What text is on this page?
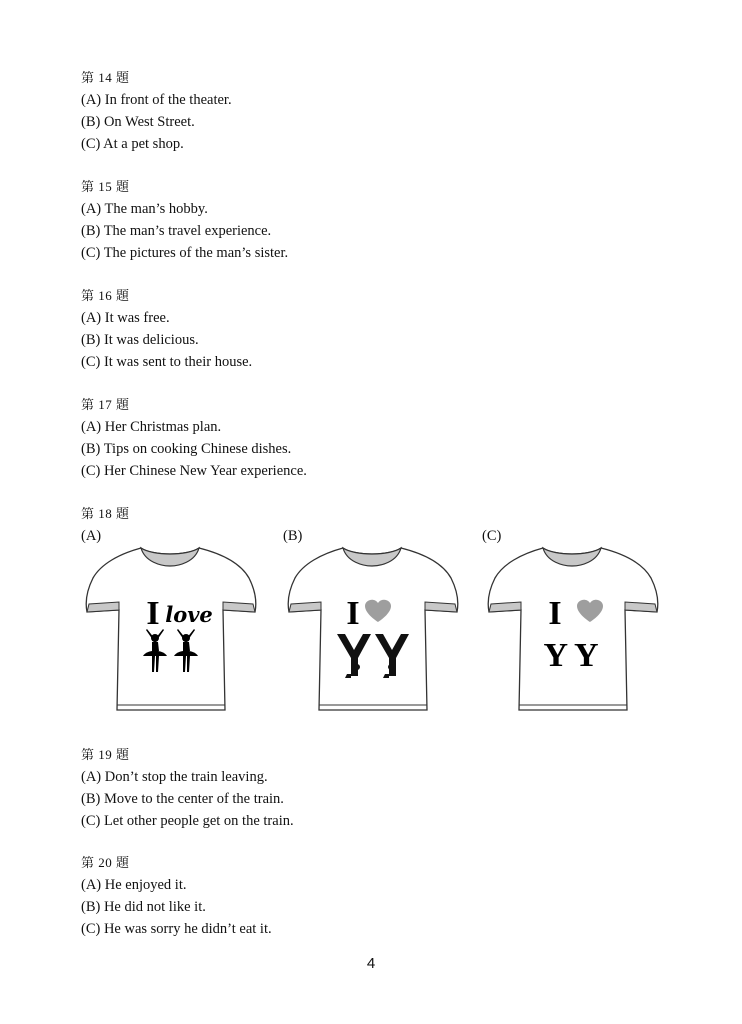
第 14 題
(A) In front of the theater.
(B) On West Street.
(C) At a pet shop.
第 15 題
(A) The man’s hobby.
(B) The man’s travel experience.
(C) The pictures of the man’s sister.
第 16 題
(A) It was free.
(B) It was delicious.
(C) It was sent to their house.
第 17 題
(A) Her Christmas plan.
(B) Tips on cooking Chinese dishes.
(C) Her Chinese New Year experience.
第 18 題
(A)	(B)	(C)
I love	I	I
Y Y
第 19 題
(A) Don’t stop the train leaving.
(B) Move to the center of the train.
(C) Let other people get on the train.
第 20 題
(A) He enjoyed it.
(B) He did not like it.
(C) He was sorry he didn’t eat it.
4
